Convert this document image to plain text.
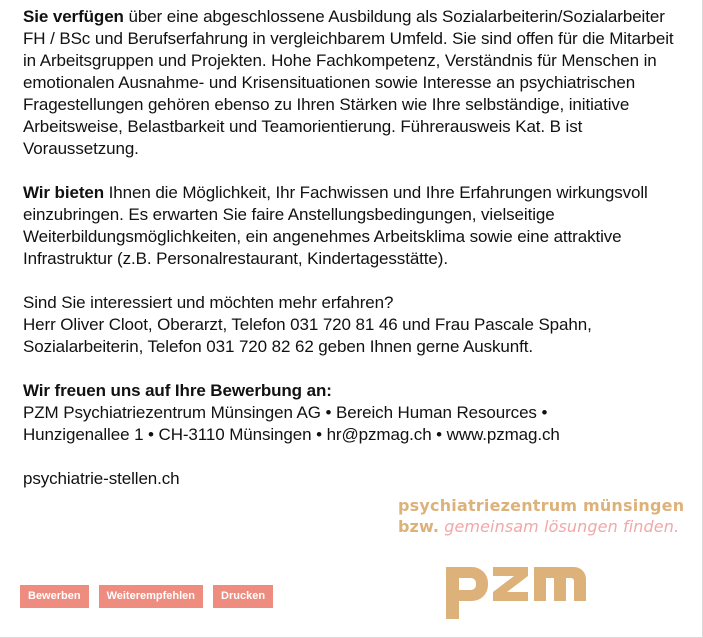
Sie verfügen über eine abgeschlossene Ausbildung als Sozialarbeiterin/Sozialarbeiter FH / BSc und Berufserfahrung in vergleichbarem Umfeld. Sie sind offen für die Mitarbeit in Arbeitsgruppen und Projekten. Hohe Fachkompetenz, Verständnis für Menschen in emotionalen Ausnahme- und Krisensituationen sowie Interesse an psychiatrischen Fragestellungen gehören ebenso zu Ihren Stärken wie Ihre selbständige, initiative Arbeitsweise, Belastbarkeit und Teamorientierung. Führerausweis Kat. B ist Voraussetzung.

Wir bieten Ihnen die Möglichkeit, Ihr Fachwissen und Ihre Erfahrungen wirkungsvoll einzubringen. Es erwarten Sie faire Anstellungsbedingungen, vielseitige Weiterbildungsmöglichkeiten, ein angenehmes Arbeitsklima sowie eine attraktive Infrastruktur (z.B. Personalrestaurant, Kindertagesstätte).

Sind Sie interessiert und möchten mehr erfahren?
Herr Oliver Cloot, Oberarzt, Telefon 031 720 81 46 und Frau Pascale Spahn, Sozialarbeiterin, Telefon 031 720 82 62 geben Ihnen gerne Auskunft.

Wir freuen uns auf Ihre Bewerbung an:
PZM Psychiatriezentrum Münsingen AG • Bereich Human Resources •
Hunzigenallee 1 • CH-3110 Münsingen • hr@pzmag.ch • www.pzmag.ch

psychiatrie-stellen.ch

psychiatriezentrum münsingen
bzw. gemeinsam lösungen finden.
Bewerben	Weiterempfehlen	Drucken
